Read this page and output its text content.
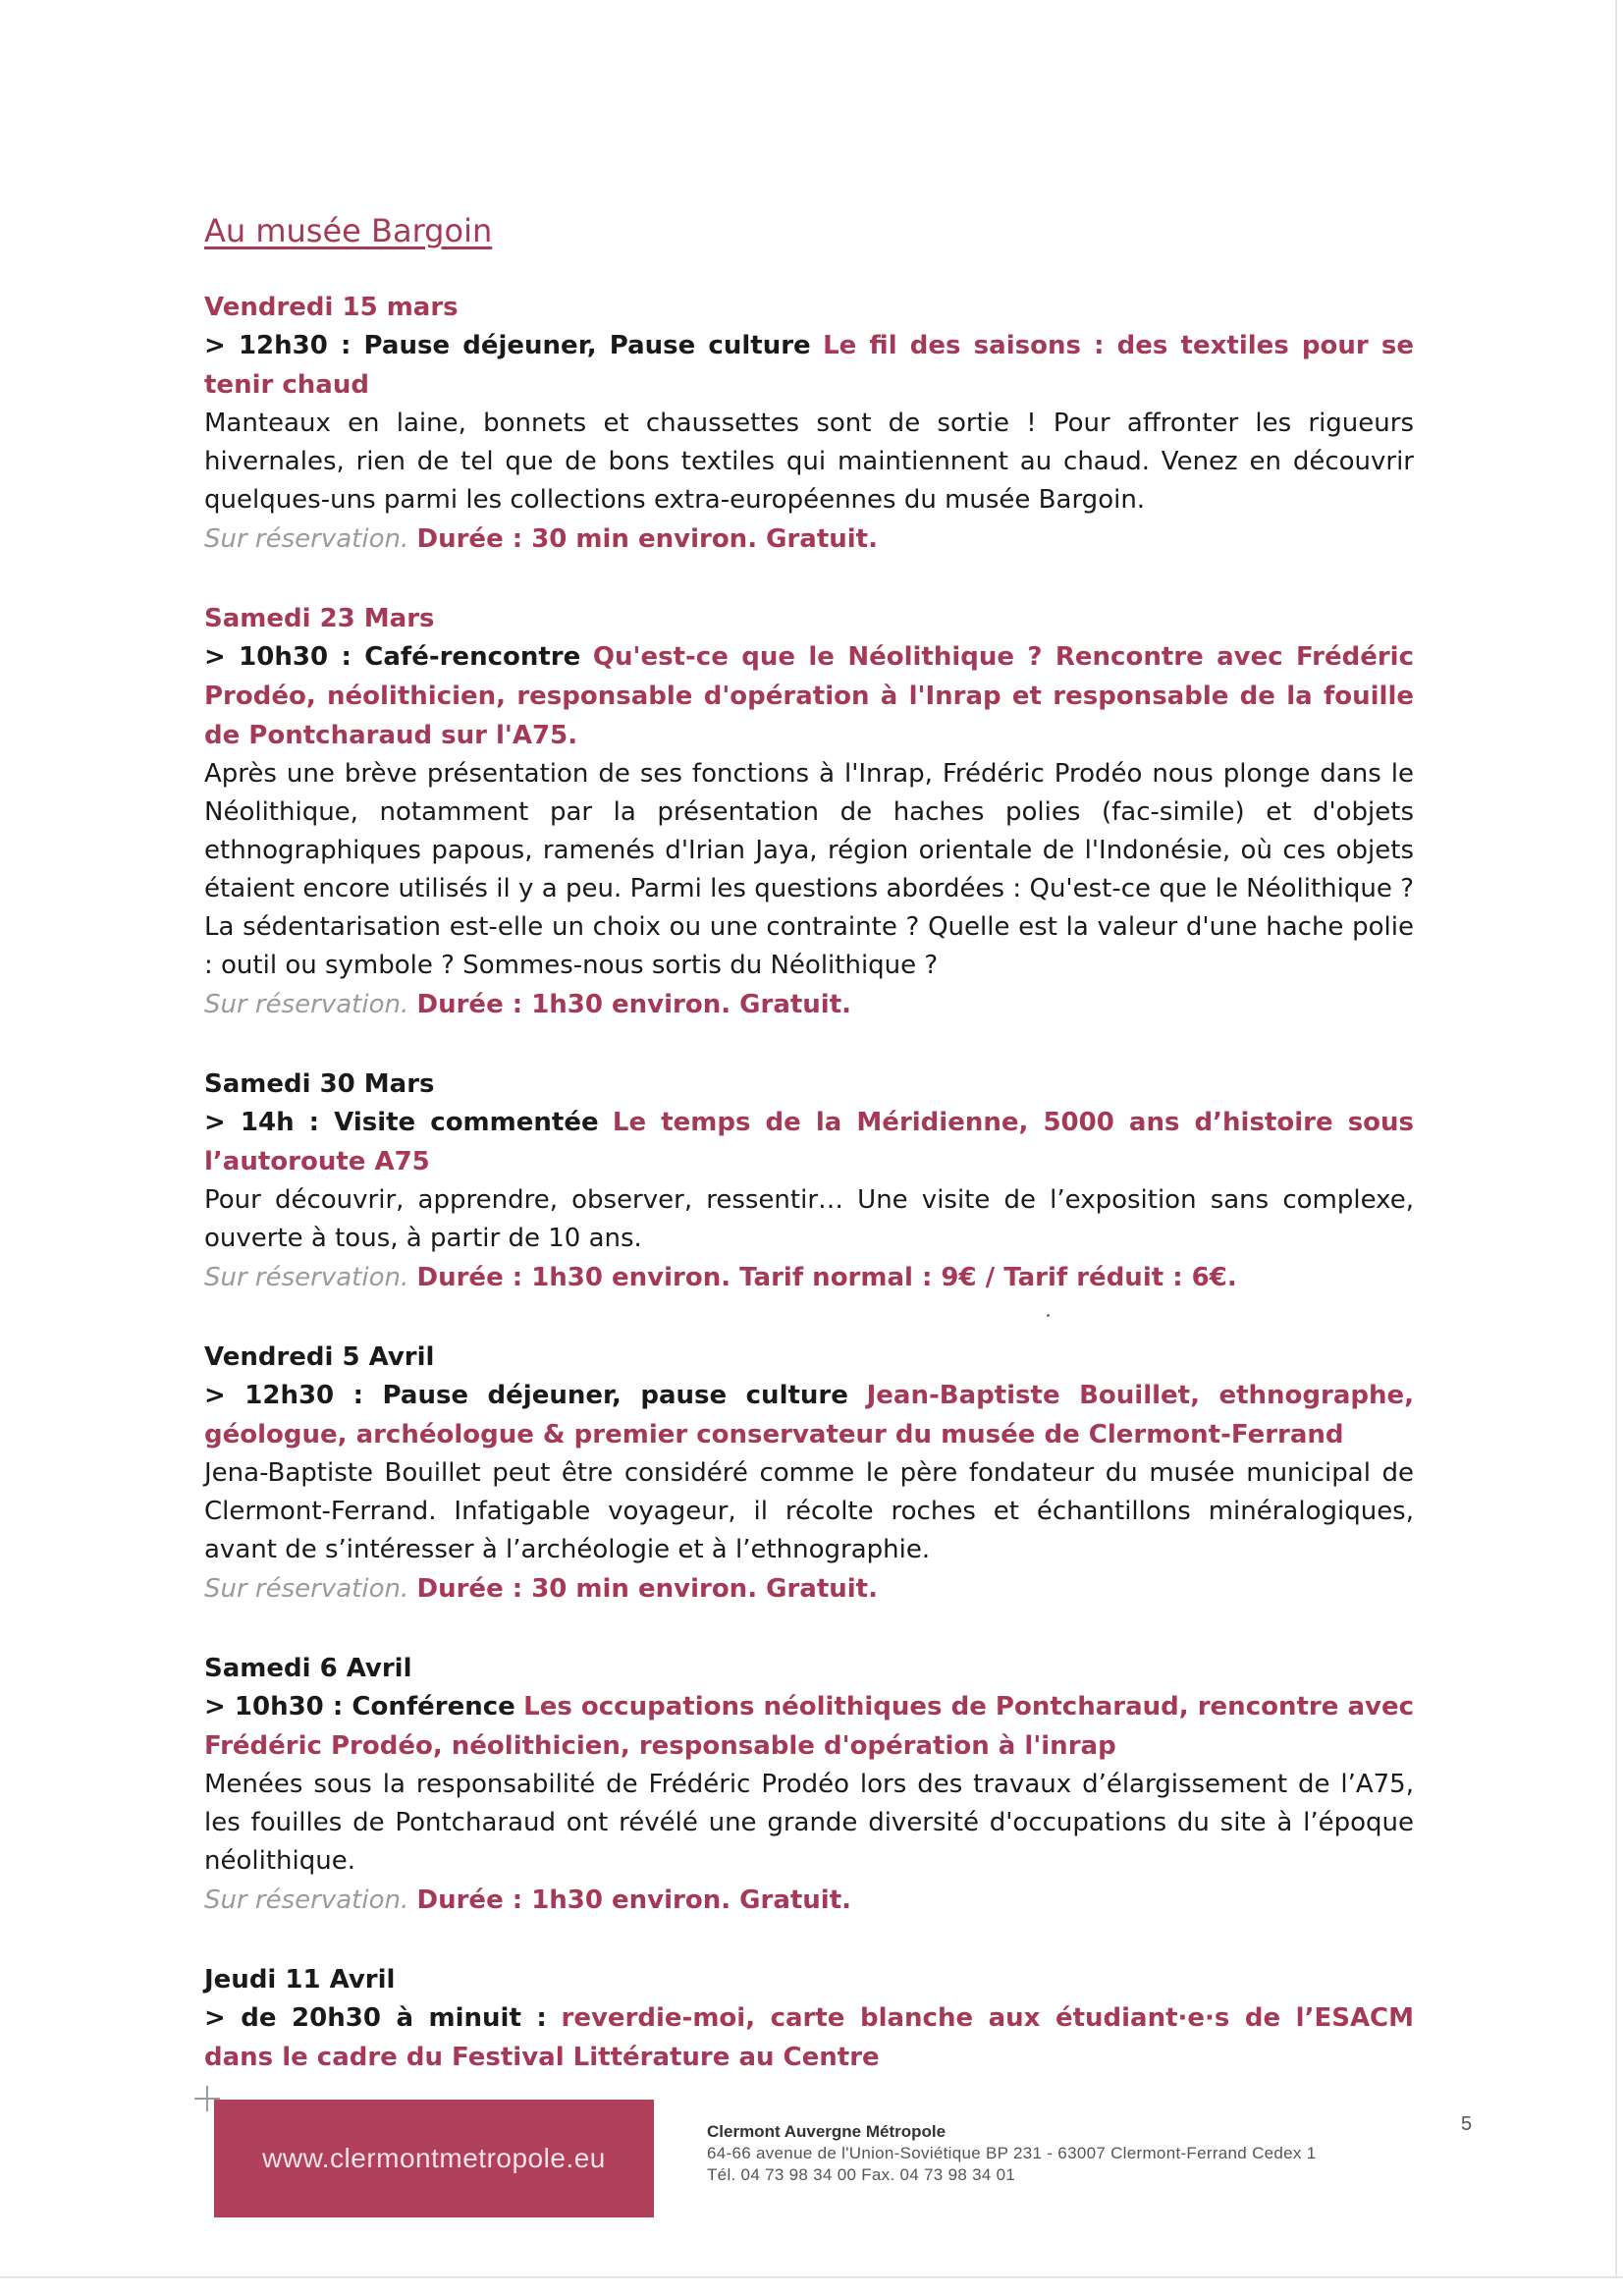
Au musée Bargoin

Vendredi 15 mars

> 12h30 : Pause déjeuner, Pause culture Le fil des saisons : des textiles pour se tenir chaud

Manteaux en laine, bonnets et chaussettes sont de sortie ! Pour affronter les rigueurs hivernales, rien de tel que de bons textiles qui maintiennent au chaud. Venez en découvrir quelques-uns parmi les collections extra-européennes du musée Bargoin.

Sur réservation. Durée : 30 min environ. Gratuit.

Samedi 23 Mars

> 10h30 : Café-rencontre Qu'est-ce que le Néolithique ? Rencontre avec Frédéric Prodéo, néolithicien, responsable d'opération à l'Inrap et responsable de la fouille de Pontcharaud sur l'A75.

Après une brève présentation de ses fonctions à l'Inrap, Frédéric Prodéo nous plonge dans le Néolithique, notamment par la présentation de haches polies (fac-simile) et d'objets ethnographiques papous, ramenés d'Irian Jaya, région orientale de l'Indonésie, où ces objets étaient encore utilisés il y a peu. Parmi les questions abordées : Qu'est-ce que le Néolithique ? La sédentarisation est-elle un choix ou une contrainte ? Quelle est la valeur d'une hache polie : outil ou symbole ? Sommes-nous sortis du Néolithique ?

Sur réservation. Durée : 1h30 environ. Gratuit.

Samedi 30 Mars

> 14h : Visite commentée Le temps de la Méridienne, 5000 ans d’histoire sous l’autoroute A75

Pour découvrir, apprendre, observer, ressentir… Une visite de l’exposition sans complexe, ouverte à tous, à partir de 10 ans.

Sur réservation. Durée : 1h30 environ. Tarif normal : 9€ / Tarif réduit : 6€.

Vendredi 5 Avril

> 12h30 : Pause déjeuner, pause culture Jean-Baptiste Bouillet, ethnographe, géologue, archéologue & premier conservateur du musée de Clermont-Ferrand

Jena-Baptiste Bouillet peut être considéré comme le père fondateur du musée municipal de Clermont-Ferrand. Infatigable voyageur, il récolte roches et échantillons minéralogiques, avant de s’intéresser à l’archéologie et à l’ethnographie.

Sur réservation. Durée : 30 min environ. Gratuit.

Samedi 6 Avril

> 10h30 : Conférence Les occupations néolithiques de Pontcharaud, rencontre avec Frédéric Prodéo, néolithicien, responsable d'opération à l'inrap

Menées sous la responsabilité de Frédéric Prodéo lors des travaux d’élargissement de l’A75, les fouilles de Pontcharaud ont révélé une grande diversité d'occupations du site à l’époque néolithique.

Sur réservation. Durée : 1h30 environ. Gratuit.

Jeudi 11 Avril

> de 20h30 à minuit : reverdie-moi, carte blanche aux étudiant·e·s de l’ESACM dans le cadre du Festival Littérature au Centre

www.clermontmetropole.eu

Clermont Auvergne Métropole

64-66 avenue de l'Union-Soviétique BP 231 - 63007 Clermont-Ferrand Cedex 1

Tél. 04 73 98 34 00 Fax. 04 73 98 34 01

5
